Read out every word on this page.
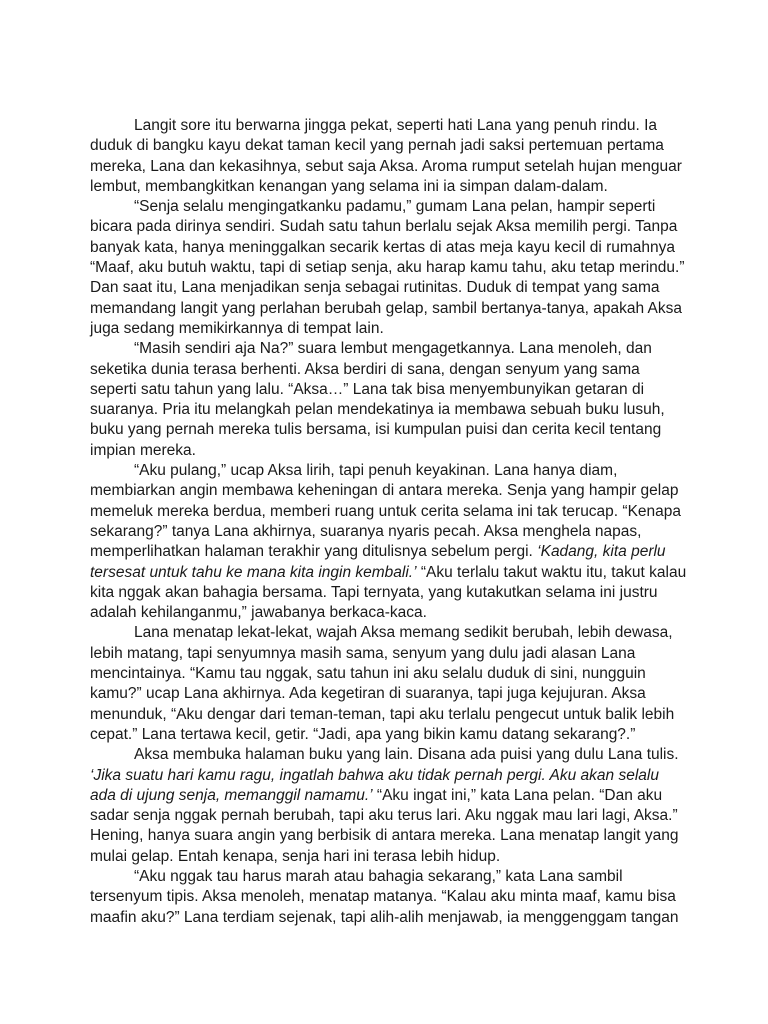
Langit sore itu berwarna jingga pekat, seperti hati Lana yang penuh rindu. Ia duduk di bangku kayu dekat taman kecil yang pernah jadi saksi pertemuan pertama mereka, Lana dan kekasihnya, sebut saja Aksa. Aroma rumput setelah hujan menguar lembut, membangkitkan kenangan yang selama ini ia simpan dalam-dalam.

“Senja selalu mengingatkanku padamu,” gumam Lana pelan, hampir seperti bicara pada dirinya sendiri. Sudah satu tahun berlalu sejak Aksa memilih pergi. Tanpa banyak kata, hanya meninggalkan secarik kertas di atas meja kayu kecil di rumahnya “Maaf, aku butuh waktu, tapi di setiap senja, aku harap kamu tahu, aku tetap merindu.” Dan saat itu, Lana menjadikan senja sebagai rutinitas. Duduk di tempat yang sama memandang langit yang perlahan berubah gelap, sambil bertanya-tanya, apakah Aksa juga sedang memikirkannya di tempat lain.

“Masih sendiri aja Na?” suara lembut mengagetkannya. Lana menoleh, dan seketika dunia terasa berhenti. Aksa berdiri di sana, dengan senyum yang sama seperti satu tahun yang lalu. “Aksa…” Lana tak bisa menyembunyikan getaran di suaranya. Pria itu melangkah pelan mendekatinya ia membawa sebuah buku lusuh, buku yang pernah mereka tulis bersama, isi kumpulan puisi dan cerita kecil tentang impian mereka.

“Aku pulang,” ucap Aksa lirih, tapi penuh keyakinan. Lana hanya diam, membiarkan angin membawa keheningan di antara mereka. Senja yang hampir gelap memeluk mereka berdua, memberi ruang untuk cerita selama ini tak terucap. “Kenapa sekarang?” tanya Lana akhirnya, suaranya nyaris pecah. Aksa menghela napas, memperlihatkan halaman terakhir yang ditulisnya sebelum pergi. ‘Kadang, kita perlu tersesat untuk tahu ke mana kita ingin kembali.’ “Aku terlalu takut waktu itu, takut kalau kita nggak akan bahagia bersama. Tapi ternyata, yang kutakutkan selama ini justru adalah kehilanganmu,” jawabanya berkaca-kaca.

Lana menatap lekat-lekat, wajah Aksa memang sedikit berubah, lebih dewasa, lebih matang, tapi senyumnya masih sama, senyum yang dulu jadi alasan Lana mencintainya. “Kamu tau nggak, satu tahun ini aku selalu duduk di sini, nungguin kamu?” ucap Lana akhirnya. Ada kegetiran di suaranya, tapi juga kejujuran. Aksa menunduk, “Aku dengar dari teman-teman, tapi aku terlalu pengecut untuk balik lebih cepat.” Lana tertawa kecil, getir. “Jadi, apa yang bikin kamu datang sekarang?.”

Aksa membuka halaman buku yang lain. Disana ada puisi yang dulu Lana tulis. ‘Jika suatu hari kamu ragu, ingatlah bahwa aku tidak pernah pergi. Aku akan selalu ada di ujung senja, memanggil namamu.’ “Aku ingat ini,” kata Lana pelan. “Dan aku sadar senja nggak pernah berubah, tapi aku terus lari. Aku nggak mau lari lagi, Aksa.” Hening, hanya suara angin yang berbisik di antara mereka. Lana menatap langit yang mulai gelap. Entah kenapa, senja hari ini terasa lebih hidup.

“Aku nggak tau harus marah atau bahagia sekarang,” kata Lana sambil tersenyum tipis. Aksa menoleh, menatap matanya. “Kalau aku minta maaf, kamu bisa maafin aku?” Lana terdiam sejenak, tapi alih-alih menjawab, ia menggenggam tangan
